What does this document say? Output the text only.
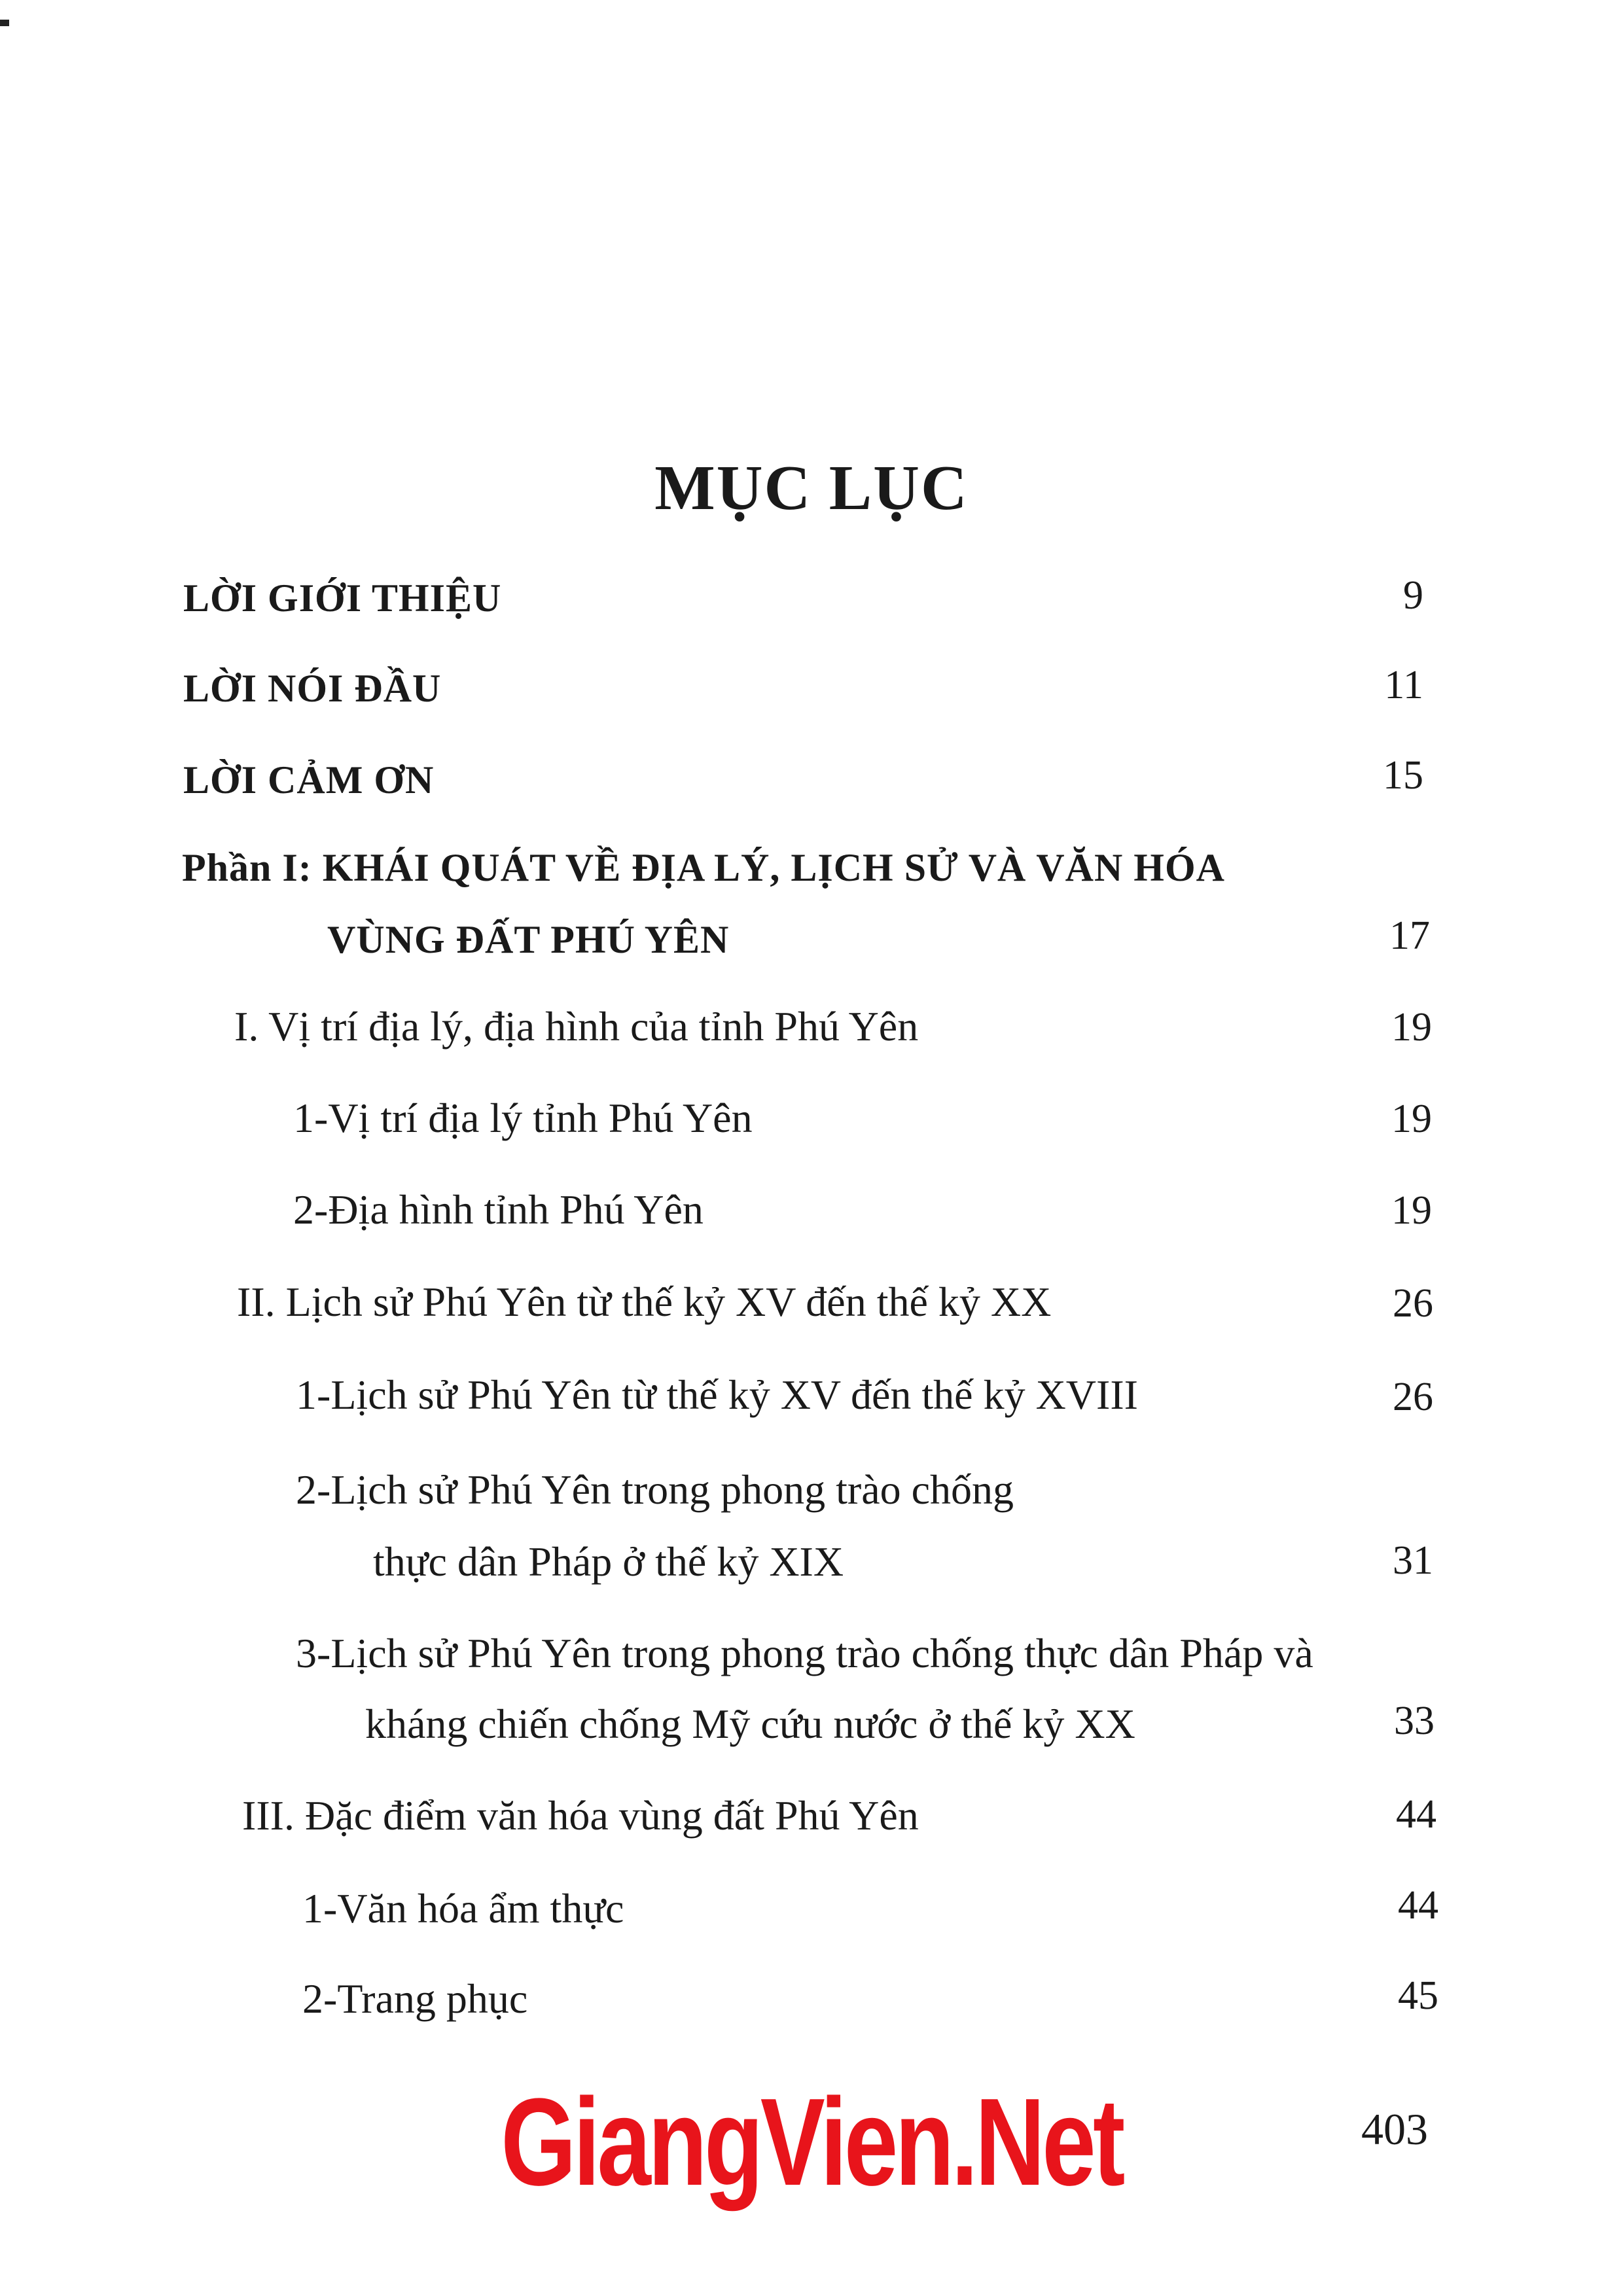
MỤC LỤC
LỜI GIỚI THIỆU	9
LỜI NÓI ĐẦU	11
LỜI CẢM ƠN	15
Phần I: KHÁI QUÁT VỀ ĐỊA LÝ, LỊCH SỬ VÀ VĂN HÓA
VÙNG ĐẤT PHÚ YÊN	17
I. Vị trí địa lý, địa hình của tỉnh Phú Yên	19
1-Vị trí địa lý tỉnh Phú Yên	19
2-Địa hình tỉnh Phú Yên	19
II. Lịch sử Phú Yên từ thế kỷ XV đến thế kỷ XX	26
1-Lịch sử Phú Yên từ thế kỷ XV đến thế kỷ XVIII	26
2-Lịch sử Phú Yên trong phong trào chống
thực dân Pháp ở thế kỷ XIX	31
3-Lịch sử Phú Yên trong phong trào chống thực dân Pháp và
kháng chiến chống Mỹ cứu nước ở thế kỷ XX	33
III. Đặc điểm văn hóa vùng đất Phú Yên	44
1-Văn hóa ẩm thực	44
2-Trang phục	45
GiangVien.Net	403
